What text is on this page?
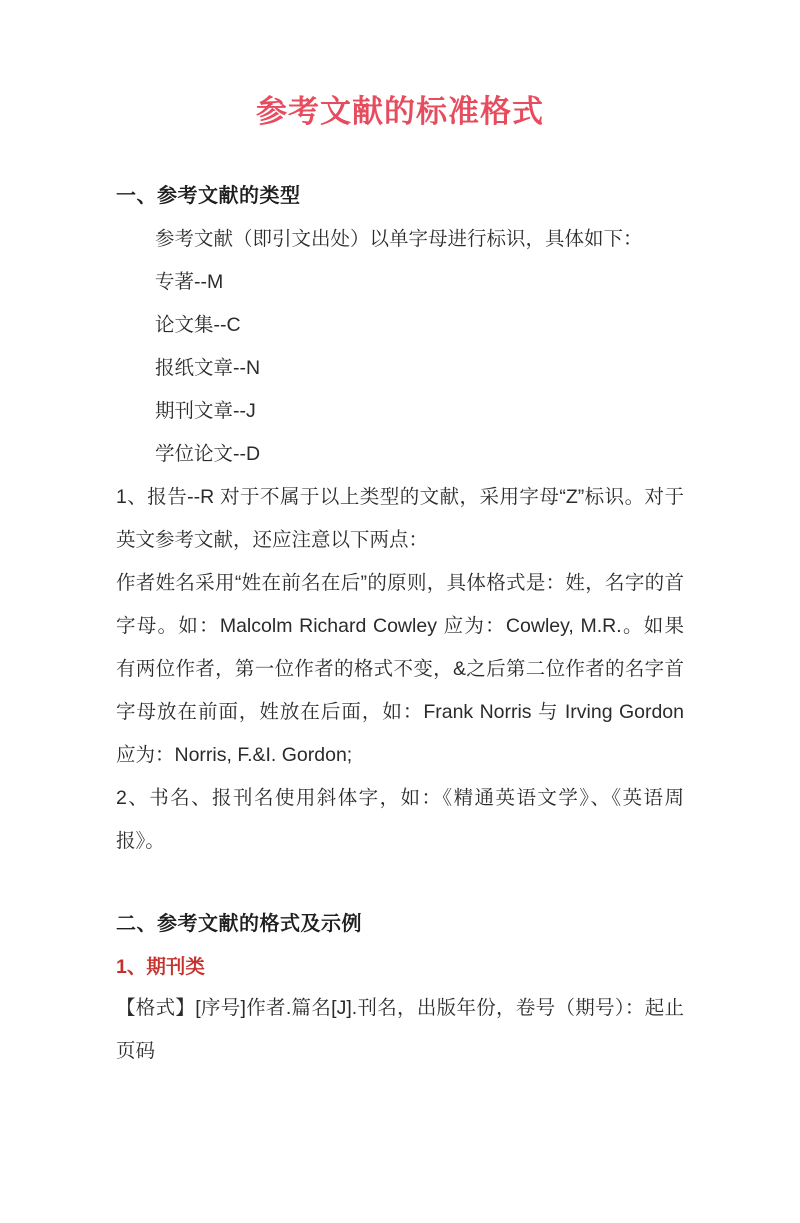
参考文献的标准格式
一、参考文献的类型

参考文献（即引文出处）以单字母进行标识，具体如下：

专著--M

论文集--C

报纸文章--N

期刊文章--J

学位论文--D

1、报告--R 对于不属于以上类型的文献，采用字母“Z”标识。对于英文参考文献，还应注意以下两点：

作者姓名采用“姓在前名在后”的原则，具体格式是：姓，名字的首字母。如：Malcolm Richard Cowley 应为：Cowley, M.R.。如果有两位作者，第一位作者的格式不变，&之后第二位作者的名字首字母放在前面，姓放在后面，如：Frank Norris 与 Irving Gordon 应为：Norris, F.&I. Gordon;

2、书名、报刊名使用斜体字，如：《精通英语文学》、《英语周报》。

二、参考文献的格式及示例
1、期刊类

【格式】[序号]作者.篇名[J].刊名，出版年份，卷号（期号）：起止页码
